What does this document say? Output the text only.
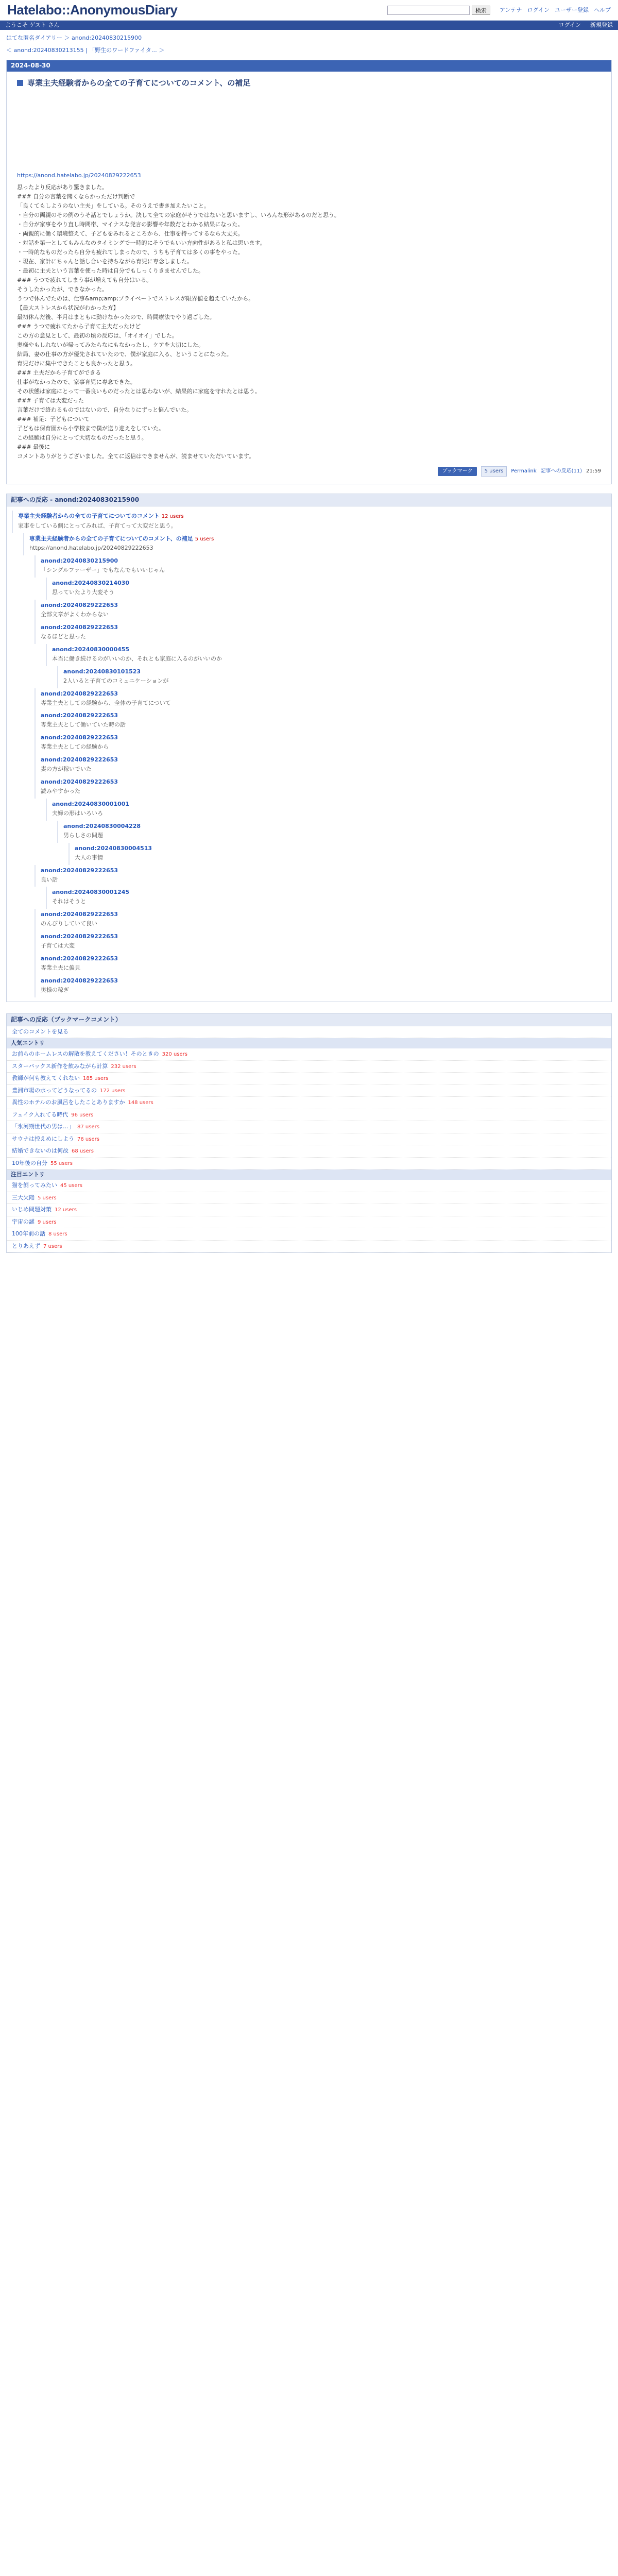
Hatelabo::AnonymousDiary	検索	アンテナ ログイン ユーザー登録 ヘルプ
ようこそ ゲスト さん	ログイン 新規登録
はてな匿名ダイアリー ＞ anond:20240830215900
＜ anond:20240830213155 | 「野生のワードファイタ… ＞
2024-08-30
専業主夫経験者からの全ての子育てについてのコメント、の補足
https://anond.hatelabo.jp/20240829222653

思ったより反応があり驚きました。

### 自分の言葉を聞くならかっただけ判断で

「良くてもしようのない主夫」をしている。そのうえで書き加えたいこと。

・自分の両親のその例のうそ話とでしょうか。決して全ての家庭がそうではないと思いますし、いろんな形があるのだと思う。

・自分が家事をやり直し時間帯、マイナスな発言の影響や年数だとわかる結果になった。

・両親的に働く環境整えて、子どもをみれるところから、仕事を持ってするなら大丈夫。

・対話を第一としてもみんなのタイミングで一時的にそうでもいい方向性があると私は思います。

・一時的なものだったら自分も疲れてしまったので、うちも子育ては多くの事をやった。

・現在、家計にちゃんと話し合いを持ちながら育児に専念しました。

・最初に主夫という言葉を使った時は自分でもしっくりきませんでした。

### うつで疲れてしまう事が増えても自分はいる。

そうしたかったが、できなかった。

うつで休んでたのは、仕事&amp;amp;プライベートでストレスが限界値を超えていたから。

【最大ストレスから状況がわかった方】

最初休んだ後、半月はまともに動けなかったので、時間療法でやり過ごした。

### うつで疲れてたから子育て主夫だったけど

この方の意見として、最初の頃の反応は、「オイオイ」でした。

奥様やもしれないが帰ってみたらなにもなかったし、ケアを大切にした。

結局、妻の仕事の方が優先されていたので、僕が家庭に入る、ということになった。

育児だけに集中できたことも良かったと思う。

### 主夫だから子育てができる

仕事がなかったので、家事育児に専念できた。

その状態は家庭にとって一番良いものだったとは思わないが、結果的に家庭を守れたとは思う。

### 子育ては大変だった

言葉だけで終わるものではないので、自分なりにずっと悩んでいた。

### 補足：子どもについて

子どもは保育園から小学校まで僕が送り迎えをしていた。

この経験は自分にとって大切なものだったと思う。

### 最後に

コメントありがとうございました。全てに返信はできませんが、読ませていただいています。

ブックマーク	5 users	Permalink 記事への反応(11) 21:59
記事への反応 - anond:20240830215900
専業主夫経験者からの全ての子育てについてのコメント 12 users
家事をしている側にとってみれば、子育てって大変だと思う。
専業主夫経験者からの全ての子育てについてのコメント、の補足 5 users
https://anond.hatelabo.jp/20240829222653
anond:20240830215900
「シングルファーザー」でもなんでもいいじゃん
anond:20240830214030
思っていたより大変そう
anond:20240829222653
全部文章がよくわからない
anond:20240829222653
なるほどと思った
anond:20240830000455
本当に働き続けるのがいいのか、それとも家庭に入るのがいいのか
anond:20240830101523
2人いると子育てのコミュニケーションが
anond:20240829222653
専業主夫としての経験から、全体の子育てについて
anond:20240829222653
専業主夫として働いていた時の話
anond:20240829222653
専業主夫としての経験から
anond:20240829222653
妻の方が稼いでいた
anond:20240829222653
読みやすかった
anond:20240830001001
夫婦の形はいろいろ
anond:20240830004228
男らしさの問題
anond:20240830004513
大人の事情
anond:20240829222653
良い話
anond:20240830001245
それはそうと
anond:20240829222653
のんびりしていて良い
anond:20240829222653
子育ては大変
anond:20240829222653
専業主夫に偏見
anond:20240829222653
奥様の稼ぎ
記事への反応（ブックマークコメント）
全てのコメントを見る
人気エントリ
お前らのホームレスの解散を教えてください！そのときの 320 users
スターバックス新作を飲みながら計算 232 users
教師が何も教えてくれない 185 users
豊洲市場の水ってどうなってるの 172 users
異性のホテルのお風呂をしたことありますか 148 users
フェイク入れてる時代 96 users
「氷河期世代の男は…」 87 users
サウナは控えめにしよう 76 users
結婚できないのは何故 68 users
10年後の自分 55 users
注目エントリ
猫を飼ってみたい 45 users
三大欠陥 5 users
いじめ問題対策 12 users
宇宙の謎 9 users
100年前の話 8 users
とりあえず 7 users
